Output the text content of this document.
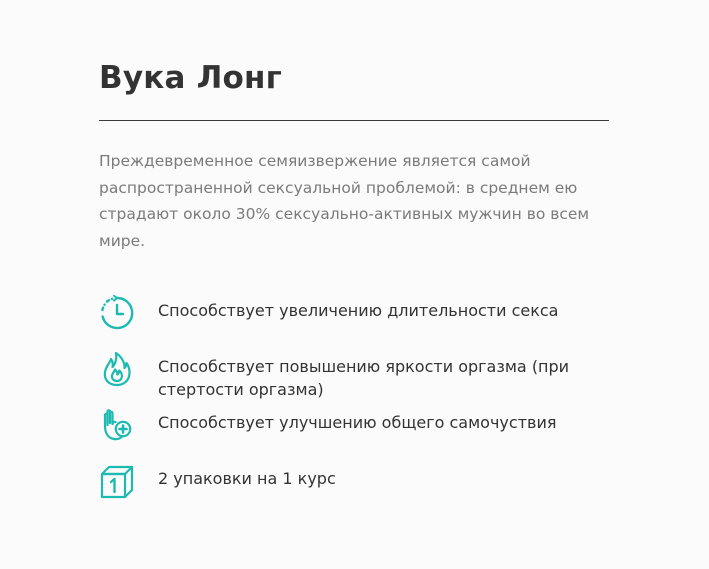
Вука Лонг

Преждевременное семяизвержение является самой распространенной сексуальной проблемой: в среднем ею страдают около 30% сексуально-активных мужчин во всем мире.

Способствует увеличению длительности секса
Способствует повышению яркости оргазма (при стертости оргазма)
Способствует улучшению общего самочуствия
2 упаковки на 1 курс
